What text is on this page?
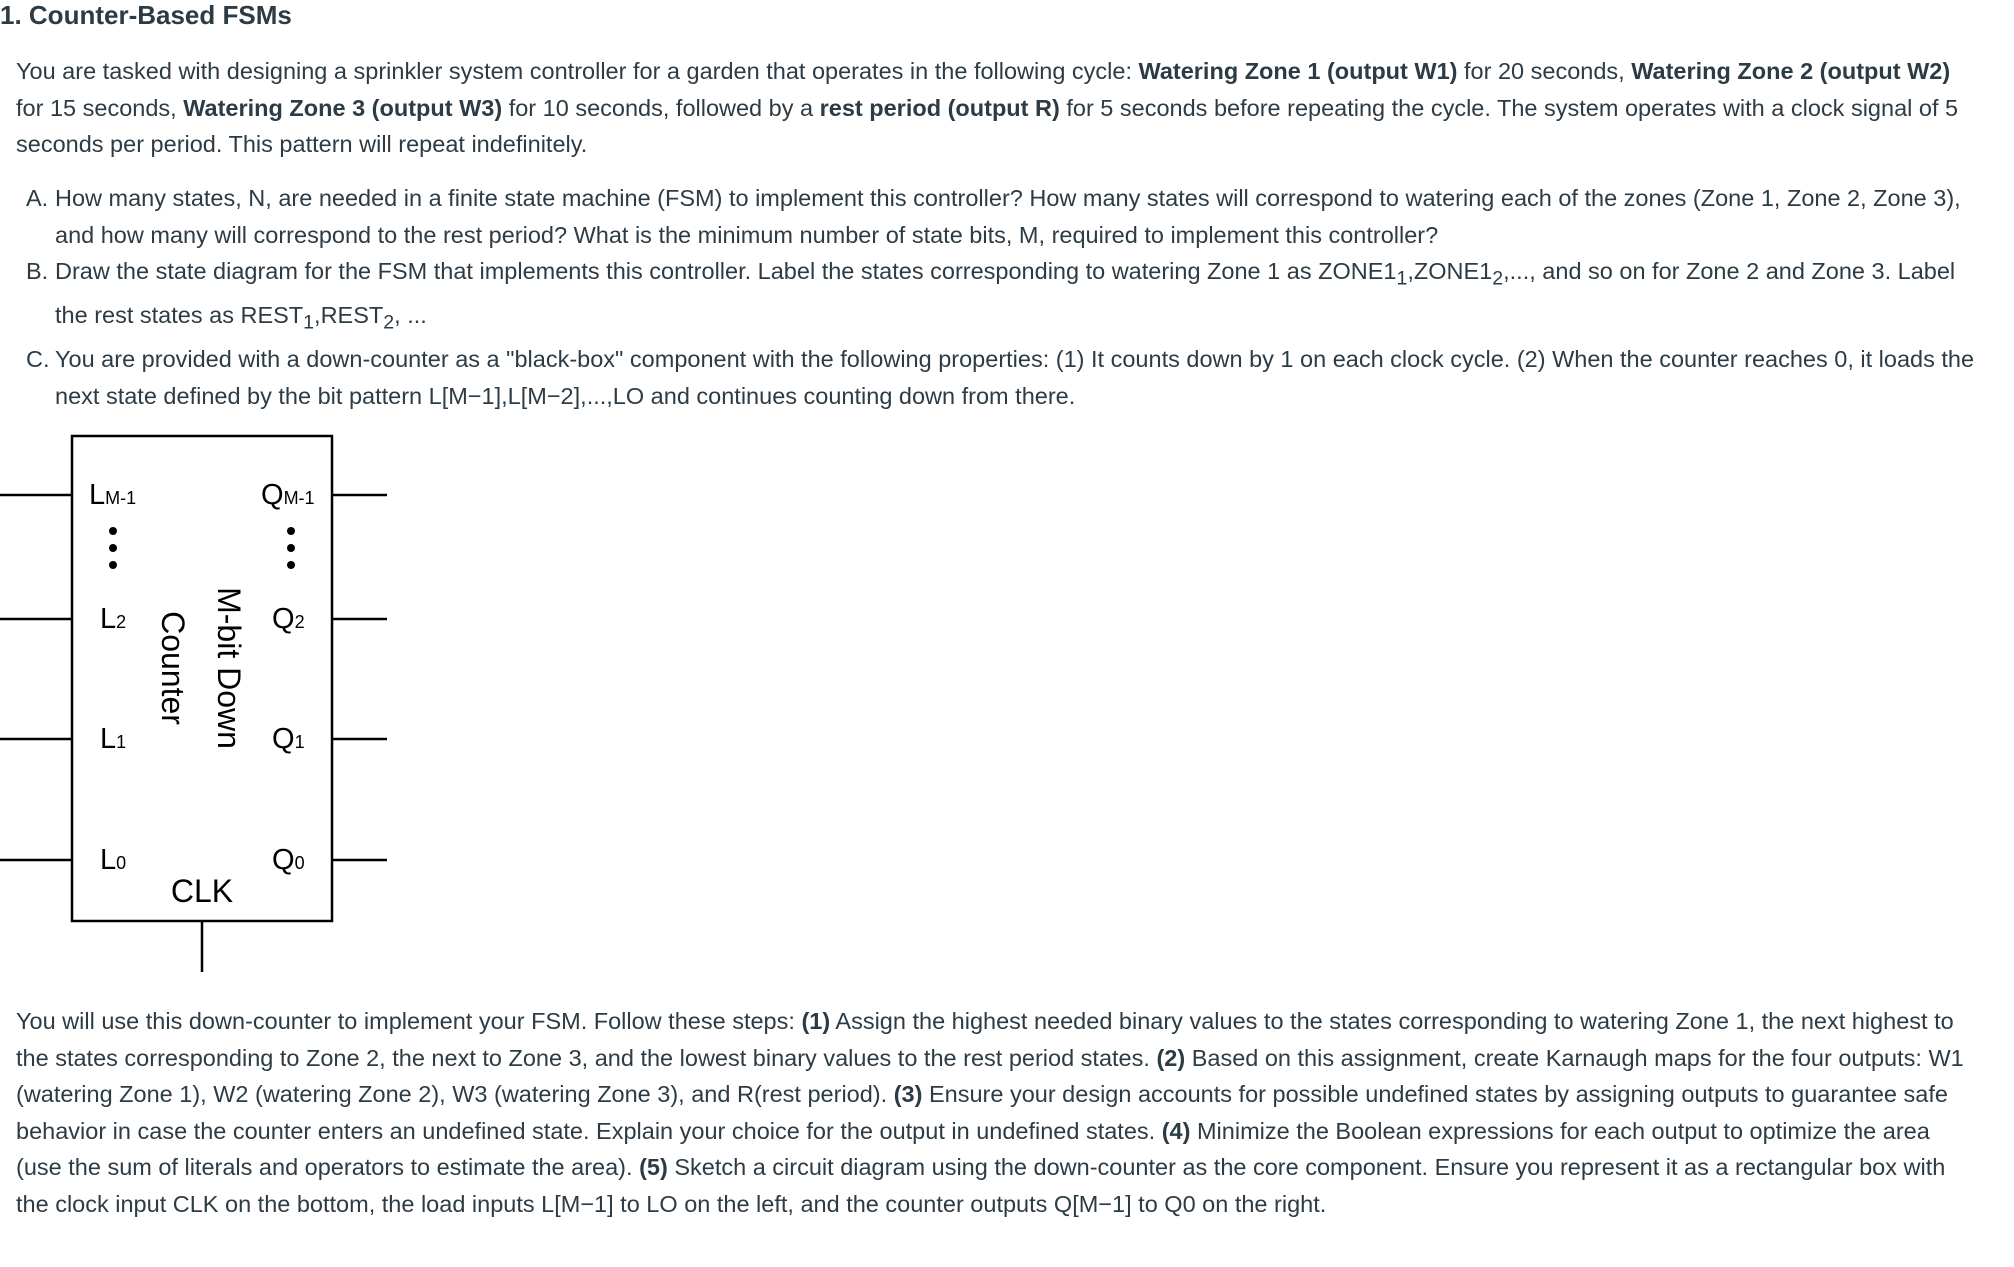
1. Counter-Based FSMs

You are tasked with designing a sprinkler system controller for a garden that operates in the following cycle: Watering Zone 1 (output W1) for 20 seconds, Watering Zone 2 (output W2) for 15 seconds, Watering Zone 3 (output W3) for 10 seconds, followed by a rest period (output R) for 5 seconds before repeating the cycle. The system operates with a clock signal of 5 seconds per period. This pattern will repeat indefinitely.

A. How many states, N, are needed in a finite state machine (FSM) to implement this controller? How many states will correspond to watering each of the zones (Zone 1, Zone 2, Zone 3), and how many will correspond to the rest period? What is the minimum number of state bits, M, required to implement this controller?
B. Draw the state diagram for the FSM that implements this controller. Label the states corresponding to watering Zone 1 as $ZONE1_1,ZONE1_2$,..., and so on for Zone 2 and Zone 3. Label the rest states as $REST_1,REST_2$, ...
C. You are provided with a down-counter as a "black-box" component with the following properties: (1) It counts down by 1 on each clock cycle. (2) When the counter reaches 0, it loads the next state defined by the bit pattern L[M−1],L[M−2],...,LO and continues counting down from there.
LM-1
L2
L1
L0
QM-1
Q2
Q1
Q0
M-bit Down
Counter
CLK

You will use this down-counter to implement your FSM. Follow these steps: (1) Assign the highest needed binary values to the states corresponding to watering Zone 1, the next highest to the states corresponding to Zone 2, the next to Zone 3, and the lowest binary values to the rest period states. (2) Based on this assignment, create Karnaugh maps for the four outputs: W1 (watering Zone 1), W2 (watering Zone 2), W3 (watering Zone 3), and R(rest period). (3) Ensure your design accounts for possible undefined states by assigning outputs to guarantee safe behavior in case the counter enters an undefined state. Explain your choice for the output in undefined states. (4) Minimize the Boolean expressions for each output to optimize the area (use the sum of literals and operators to estimate the area). (5) Sketch a circuit diagram using the down-counter as the core component. Ensure you represent it as a rectangular box with the clock input CLK on the bottom, the load inputs L[M−1] to LO on the left, and the counter outputs Q[M−1] to Q0 on the right.
